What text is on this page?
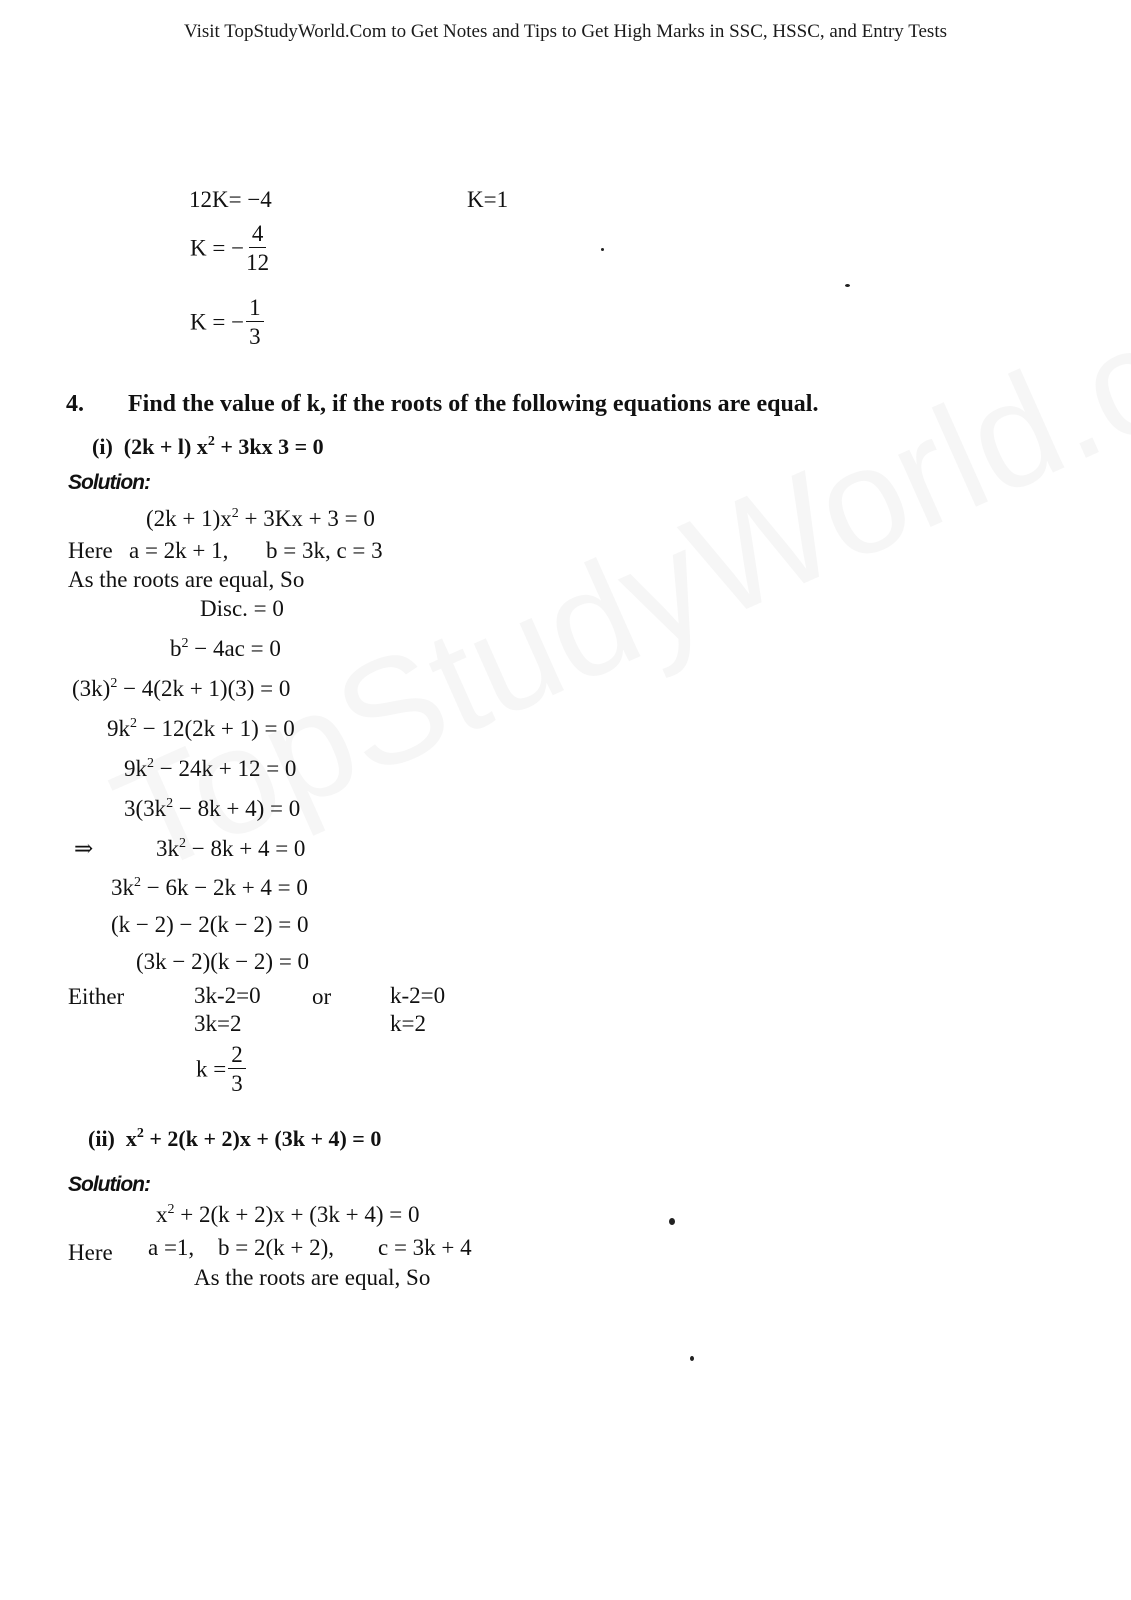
Visit TopStudyWorld.Com to Get Notes and Tips to Get High Marks in SSC, HSSC, and Entry Tests
12K= −4	K=1
K = − $\frac{4}{12}$
K = − $\frac{1}{3}$
4. Find the value of k, if the roots of the following equations are equal.
(i) (2k + l) $x^2 + 3kx$ 3 = 0
Solution:
$(2k + 1)x^2 + 3Kx + 3 = 0$
Here a = 2k + 1, b = 3k, c = 3
As the roots are equal, So
Disc. = 0
$b^2 - 4ac = 0$
$(3k)^2 - 4(2k + 1)(3) = 0$
$9k^2 - 12(2k + 1) = 0$
$9k^2 - 24k + 12 = 0$
$3(3k^2 - 8k + 4) = 0$
⇒	$3k^2 - 8k + 4 = 0$
$3k^2 - 6k - 2k + 4 = 0$
(k − 2) − 2(k − 2) = 0
(3k − 2)(k − 2) = 0
Either	3k-2=0 or	k-2=0
3k=2	k=2
$k = \frac{2}{3}$
(ii) $x^2 + 2(k + 2)x + (3k + 4) = 0$
Solution:
$x^2 + 2(k + 2)x + (3k + 4) = 0$
Here a =1, b = 2(k + 2), c = 3k + 4
As the roots are equal, So
